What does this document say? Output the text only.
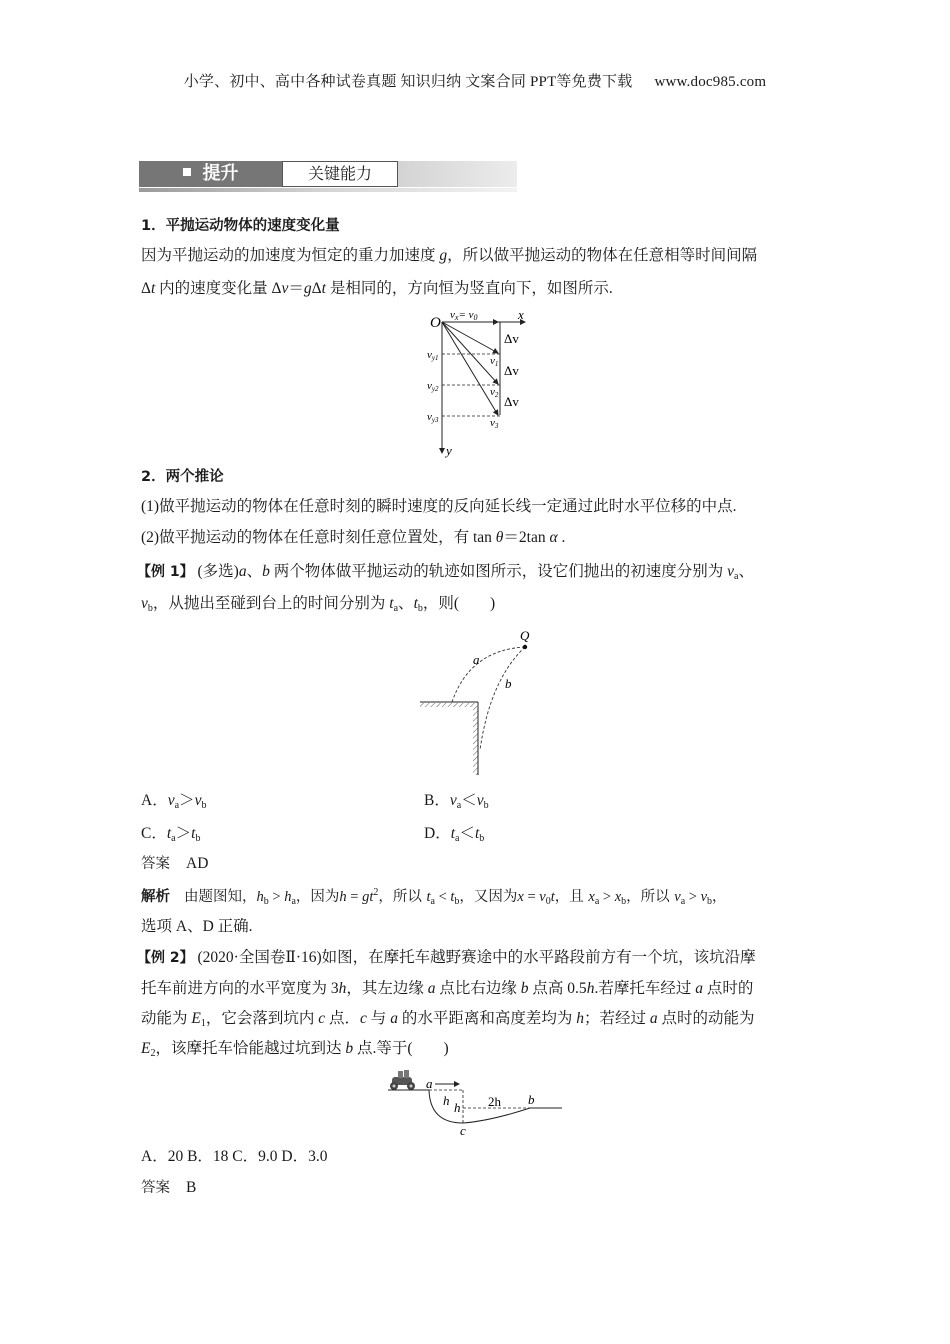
小学、初中、高中各种试卷真题 知识归纳 文案合同 PPT等免费下载 www.doc985.com
提升	关键能力
1．平抛运动物体的速度变化量
因为平抛运动的加速度为恒定的重力加速度 g，所以做平抛运动的物体在任意相等时间间隔
Δt 内的速度变化量 Δv＝gΔt 是相同的，方向恒为竖直向下，如图所示.
O
x
y
vx= v0
Δv
Δv
Δv
vy1
vy2
vy3
v1
v2
v3
2．两个推论
(1)做平抛运动的物体在任意时刻的瞬时速度的反向延长线一定通过此时水平位移的中点.
(2)做平抛运动的物体在任意时刻任意位置处，有 tan θ＝2tan α .
【例 1】 (多选)a、b 两个物体做平抛运动的轨迹如图所示，设它们抛出的初速度分别为 $v_a$、
$v_b$，从抛出至碰到台上的时间分别为 $t_a$、$t_b$，则(　　)
Q
a
b
A．$v_a>v_b$	B．$v_a<v_b$
C．$t_a>t_b$	D．$t_a<t_b$
答案 AD
解析 由题图知，$h_b > h_a$，因为$h = gt^2$，所以 $t_a < t_b$，又因为$x = v_0t$，且 $x_a > x_b$，所以 $v_a > v_b$，
选项 A、D 正确.
【例 2】 (2020·全国卷Ⅱ·16)如图，在摩托车越野赛途中的水平路段前方有一个坑，该坑沿摩
托车前进方向的水平宽度为 3h，其左边缘 a 点比右边缘 b 点高 0.5h.若摩托车经过 a 点时的
动能为 $E_1$，它会落到坑内 c 点．c 与 a 的水平距离和高度差均为 h；若经过 a 点时的动能为
$E_2$，该摩托车恰能越过坑到达 b 点.等于(　　)
a
h h 2h b
c
A．20 B．18 C．9.0 D．3.0
答案 B
